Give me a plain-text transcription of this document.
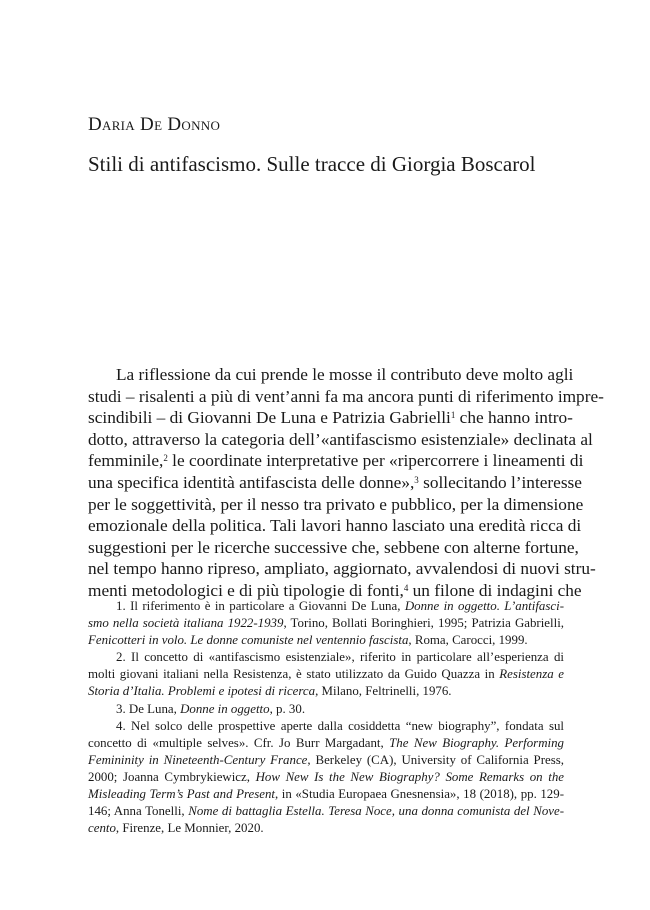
Daria De Donno
Stili di antifascismo. Sulle tracce di Giorgia Boscarol
La riflessione da cui prende le mosse il contributo deve molto agli
studi – risalenti a più di vent’anni fa ma ancora punti di riferimento impre-
scindibili – di Giovanni De Luna e Patrizia Gabrielli$^1$ che hanno intro-
dotto, attraverso la categoria dell’«antifascismo esistenziale» declinata al
femminile,$^2$ le coordinate interpretative per «ripercorrere i lineamenti di
una specifica identità antifascista delle donne»,$^3$ sollecitando l’interesse
per le soggettività, per il nesso tra privato e pubblico, per la dimensione
emozionale della politica. Tali lavori hanno lasciato una eredità ricca di
suggestioni per le ricerche successive che, sebbene con alterne fortune,
nel tempo hanno ripreso, ampliato, aggiornato, avvalendosi di nuovi stru-
menti metodologici e di più tipologie di fonti,$^4$ un filone di indagini che
1. Il riferimento è in particolare a Giovanni De Luna, Donne in oggetto. L’antifasci-
smo nella società italiana 1922-1939, Torino, Bollati Boringhieri, 1995; Patrizia Gabrielli,
Fenicotteri in volo. Le donne comuniste nel ventennio fascista, Roma, Carocci, 1999.
2. Il concetto di «antifascismo esistenziale», riferito in particolare all’esperienza di
molti giovani italiani nella Resistenza, è stato utilizzato da Guido Quazza in Resistenza e
Storia d’Italia. Problemi e ipotesi di ricerca, Milano, Feltrinelli, 1976.
3. De Luna, Donne in oggetto, p. 30.
4. Nel solco delle prospettive aperte dalla cosiddetta “new biography”, fondata sul
concetto di «multiple selves». Cfr. Jo Burr Margadant, The New Biography. Performing
Femininity in Nineteenth-Century France, Berkeley (CA), University of California Press,
2000; Joanna Cymbrykiewicz, How New Is the New Biography? Some Remarks on the
Misleading Term’s Past and Present, in «Studia Europaea Gnesnensia», 18 (2018), pp. 129-
146; Anna Tonelli, Nome di battaglia Estella. Teresa Noce, una donna comunista del Nove-
cento, Firenze, Le Monnier, 2020.
